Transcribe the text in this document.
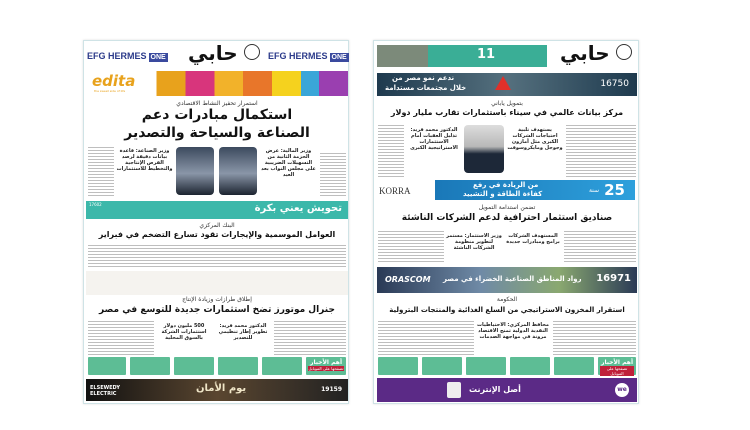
EFG HERMES ONE حابي	EFG HERMES ONE
edita
the sweet side of life
استمرار تحفيز النشاط الاقتصادي
استكمال مبادرات دعم
الصناعة والسياحة والتصدير
وزير الصناعة: قاعدة بيانات دقيقة لرصد الفرص الإنتاجية والتخطيط للاستثمارات
وزير المالية: عرض الحزمة الثانية من التسهيلات الضريبية على مجلس النواب بعد العيد
17602	تحويش يعني بكرة
البنك المركزي
العوامل الموسمية والإيجارات تقود تسارع التضخم في فبراير
إطلاق طرازات وزيادة الإنتاج
جنرال موتورز تضخ استثمارات جديدة للتوسع في مصر
500 مليون دولار استثمارات الشركة بالسوق المحلية
الدكتور محمد فريد: تطوير إطار تنظيمي للتصدير
أهم الأخبار
تصفحها على الموبايل
ELSEWEDY ELECTRIC	يوم الأمان	19159
11	حابي
ندعم نمو مصر من
خلال مجتمعات مستدامة	16750
بتمويل ياباني
مركز بيانات عالمي في سيناء باستثمارات تقارب مليار دولار
الدكتور محمد فريد: تذليل العقبات أمام الاستثمارات الاستراتيجية الكبرى
يستهدف تلبية احتياجات الشركات الكبرى مثل أمازون وجوجل ومايكروسوفت
KORRA
من الريادة في رفع
كفاءة الطاقة و التشييد	25
سنة
تضمن استدامة التمويل
صناديق استثمار احترافية لدعم الشركات الناشئة
وزير الاستثمار: مستمر لتطوير منظومة الشركات الناشئة
المستهدف الشركات برامج ومبادرات جديدة
ORASCOM رواد المناطق الصناعية الخضراء في مصر 16971
الحكومة
استقرار المخزون الاستراتيجي من السلع الغذائية والمنتجات البترولية
محافظ المركزي: الاحتياطيات النقدية الدولية تمنح الاقتصاد مرونة في مواجهة الصدمات
أهم الأخبار
تصفحها على الموبايل
أصل الإنترنت	we
